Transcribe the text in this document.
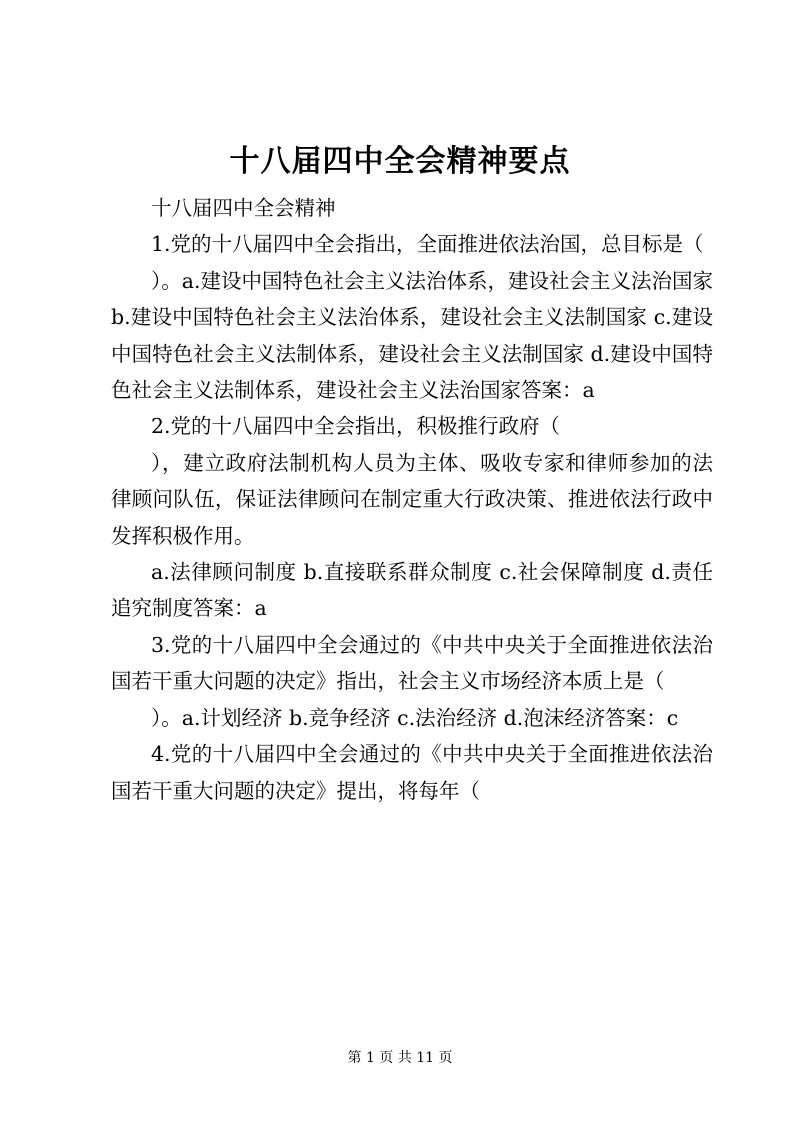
十八届四中全会精神要点

十八届四中全会精神

1.党的十八届四中全会指出，全面推进依法治国，总目标是（

）。a.建设中国特色社会主义法治体系，建设社会主义法治国家 b.建设中国特色社会主义法治体系，建设社会主义法制国家 c.建设中国特色社会主义法制体系，建设社会主义法制国家 d.建设中国特色社会主义法制体系，建设社会主义法治国家答案：a

2.党的十八届四中全会指出，积极推行政府（

），建立政府法制机构人员为主体、吸收专家和律师参加的法律顾问队伍，保证法律顾问在制定重大行政决策、推进依法行政中发挥积极作用。

a.法律顾问制度 b.直接联系群众制度 c.社会保障制度 d.责任追究制度答案：a

3.党的十八届四中全会通过的《中共中央关于全面推进依法治国若干重大问题的决定》指出，社会主义市场经济本质上是（

）。a.计划经济 b.竞争经济 c.法治经济 d.泡沫经济答案：c

4.党的十八届四中全会通过的《中共中央关于全面推进依法治国若干重大问题的决定》提出，将每年（

第 1 页 共 11 页
